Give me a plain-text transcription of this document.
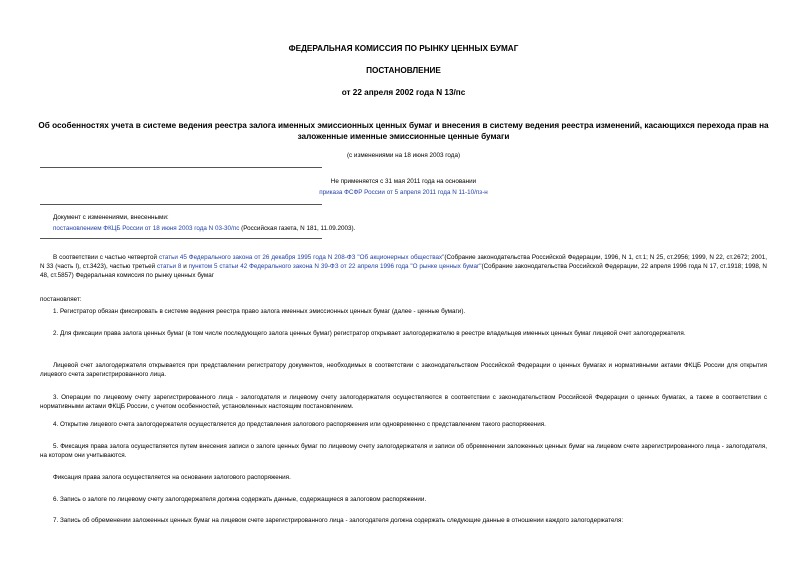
ФЕДЕРАЛЬНАЯ КОМИССИЯ ПО РЫНКУ ЦЕННЫХ БУМАГ
ПОСТАНОВЛЕНИЕ
от 22 апреля 2002 года N 13/пс
Об особенностях учета в системе ведения реестра залога именных эмиссионных ценных бумаг и внесения в систему ведения реестра изменений, касающихся перехода прав на заложенные именные эмиссионные ценные бумаги
(с изменениями на 18 июня 2003 года)
Не применяется с 31 мая 2011 года на основании
приказа ФСФР России от 5 апреля 2011 года N 11-10/пз-н
Документ с изменениями, внесенными:
постановлением ФКЦБ России от 18 июня 2003 года N 03-30/пс (Российская газета, N 181, 11.09.2003).
В соответствии с частью четвертой статьи 45 Федерального закона от 26 декабря 1995 года N 208-ФЗ "Об акционерных обществах"(Собрание законодательства Российской Федерации, 1996, N 1, ст.1; N 25, ст.2956; 1999, N 22, ст.2672; 2001, N 33 (часть I), ст.3423), частью третьей статьи 8 и пунктом 5 статьи 42 Федерального закона N 39-ФЗ от 22 апреля 1996 года "О рынке ценных бумаг"(Собрание законодательства Российской Федерации, 22 апреля 1996 года N 17, ст.1918; 1998, N 48, ст.5857) Федеральная комиссия по рынку ценных бумаг
постановляет:
1. Регистратор обязан фиксировать в системе ведения реестра право залога именных эмиссионных ценных бумаг (далее - ценные бумаги).
2. Для фиксации права залога ценных бумаг (в том числе последующего залога ценных бумаг) регистратор открывает залогодержателю в реестре владельцев именных ценных бумаг лицевой счет залогодержателя.
Лицевой счет залогодержателя открывается при представлении регистратору документов, необходимых в соответствии с законодательством Российской Федерации о ценных бумагах и нормативными актами ФКЦБ России для открытия лицевого счета зарегистрированного лица.
3. Операции по лицевому счету зарегистрированного лица - залогодателя и лицевому счету залогодержателя осуществляются в соответствии с законодательством Российской Федерации о ценных бумагах, а также в соответствии с нормативными актами ФКЦБ России, с учетом особенностей, установленных настоящим постановлением.
4. Открытие лицевого счета залогодержателя осуществляется до представления залогового распоряжения или одновременно с представлением такого распоряжения.
5. Фиксация права залога осуществляется путем внесения записи о залоге ценных бумаг по лицевому счету залогодержателя и записи об обременении заложенных ценных бумаг на лицевом счете зарегистрированного лица - залогодателя, на котором они учитываются.
Фиксация права залога осуществляется на основании залогового распоряжения.
6. Запись о залоге по лицевому счету залогодержателя должна содержать данные, содержащиеся в залоговом распоряжении.
7. Запись об обременении заложенных ценных бумаг на лицевом счете зарегистрированного лица - залогодателя должна содержать следующие данные в отношении каждого залогодержателя:
